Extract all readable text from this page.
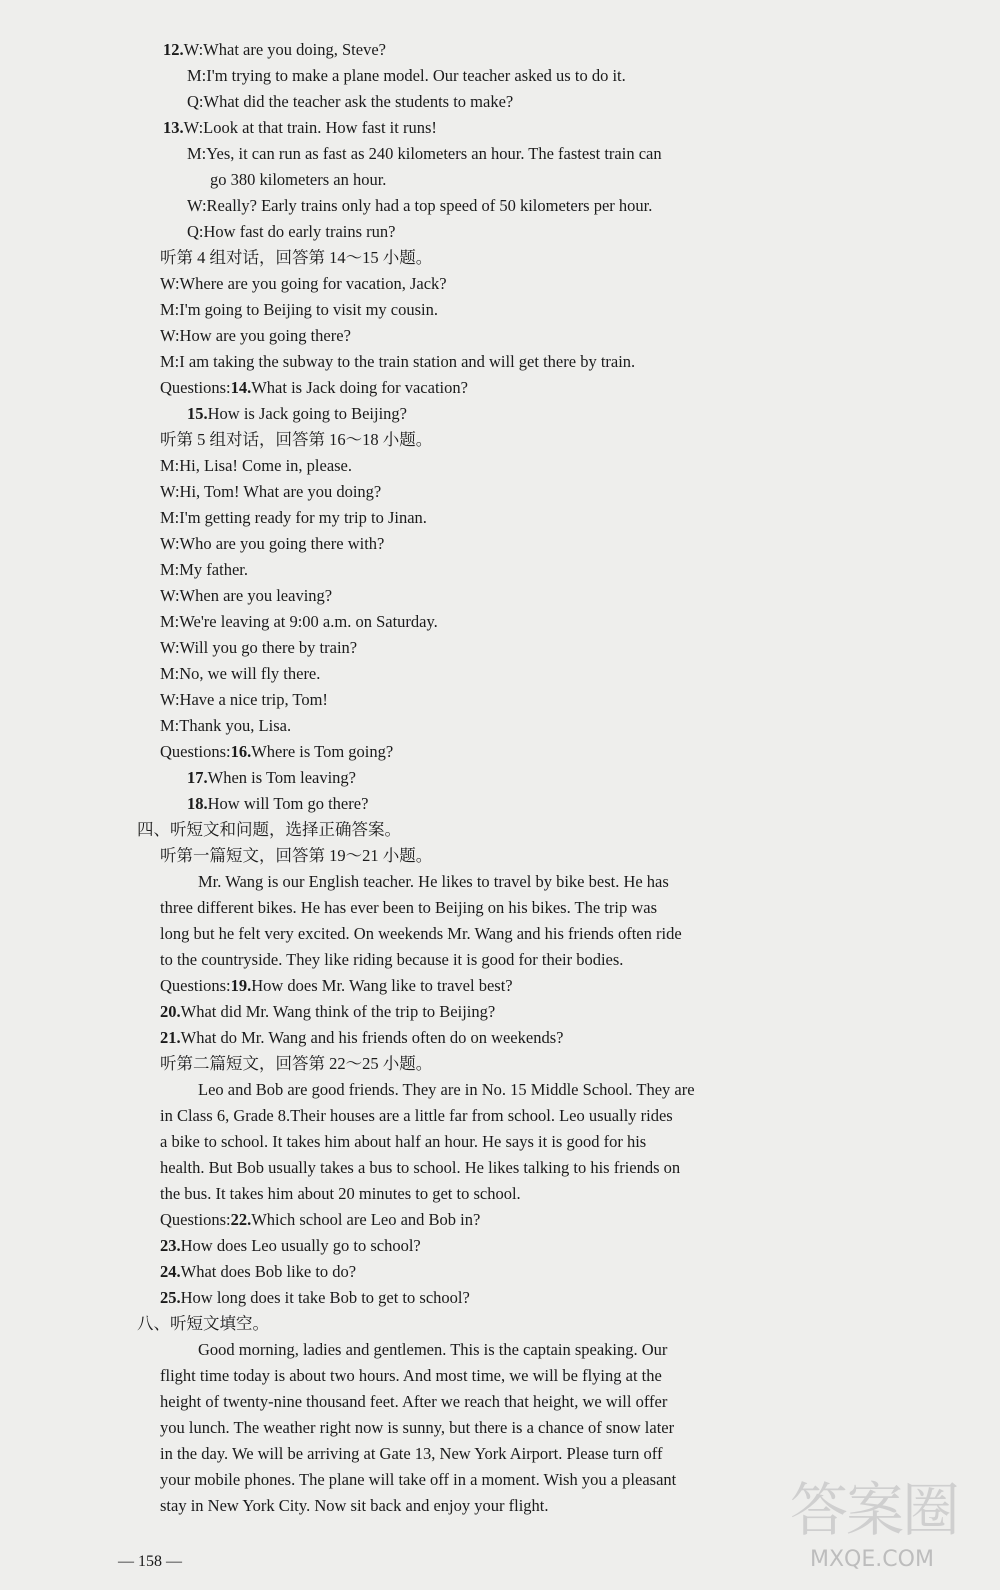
12.W:What are you doing, Steve?
M:I'm trying to make a plane model. Our teacher asked us to do it.
Q:What did the teacher ask the students to make?
13.W:Look at that train. How fast it runs!
M:Yes, it can run as fast as 240 kilometers an hour. The fastest train can
go 380 kilometers an hour.
W:Really? Early trains only had a top speed of 50 kilometers per hour.
Q:How fast do early trains run?
听第 4 组对话，回答第 14～15 小题。
W:Where are you going for vacation, Jack?
M:I'm going to Beijing to visit my cousin.
W:How are you going there?
M:I am taking the subway to the train station and will get there by train.
Questions:14.What is Jack doing for vacation?
15.How is Jack going to Beijing?
听第 5 组对话，回答第 16～18 小题。
M:Hi, Lisa! Come in, please.
W:Hi, Tom! What are you doing?
M:I'm getting ready for my trip to Jinan.
W:Who are you going there with?
M:My father.
W:When are you leaving?
M:We're leaving at 9:00 a.m. on Saturday.
W:Will you go there by train?
M:No, we will fly there.
W:Have a nice trip, Tom!
M:Thank you, Lisa.
Questions:16.Where is Tom going?
17.When is Tom leaving?
18.How will Tom go there?
四、听短文和问题，选择正确答案。
听第一篇短文，回答第 19～21 小题。
Mr. Wang is our English teacher. He likes to travel by bike best. He has
three different bikes. He has ever been to Beijing on his bikes. The trip was
long but he felt very excited. On weekends Mr. Wang and his friends often ride
to the countryside. They like riding because it is good for their bodies.
Questions:19.How does Mr. Wang like to travel best?
20.What did Mr. Wang think of the trip to Beijing?
21.What do Mr. Wang and his friends often do on weekends?
听第二篇短文，回答第 22～25 小题。
Leo and Bob are good friends. They are in No. 15 Middle School. They are
in Class 6, Grade 8.Their houses are a little far from school. Leo usually rides
a bike to school. It takes him about half an hour. He says it is good for his
health. But Bob usually takes a bus to school. He likes talking to his friends on
the bus. It takes him about 20 minutes to get to school.
Questions:22.Which school are Leo and Bob in?
23.How does Leo usually go to school?
24.What does Bob like to do?
25.How long does it take Bob to get to school?
八、听短文填空。
Good morning, ladies and gentlemen. This is the captain speaking. Our
flight time today is about two hours. And most time, we will be flying at the
height of twenty-nine thousand feet. After we reach that height, we will offer
you lunch. The weather right now is sunny, but there is a chance of snow later
in the day. We will be arriving at Gate 13, New York Airport. Please turn off
your mobile phones. The plane will take off in a moment. Wish you a pleasant
stay in New York City. Now sit back and enjoy your flight.
— 158 —
答案圈
MXQE.COM
